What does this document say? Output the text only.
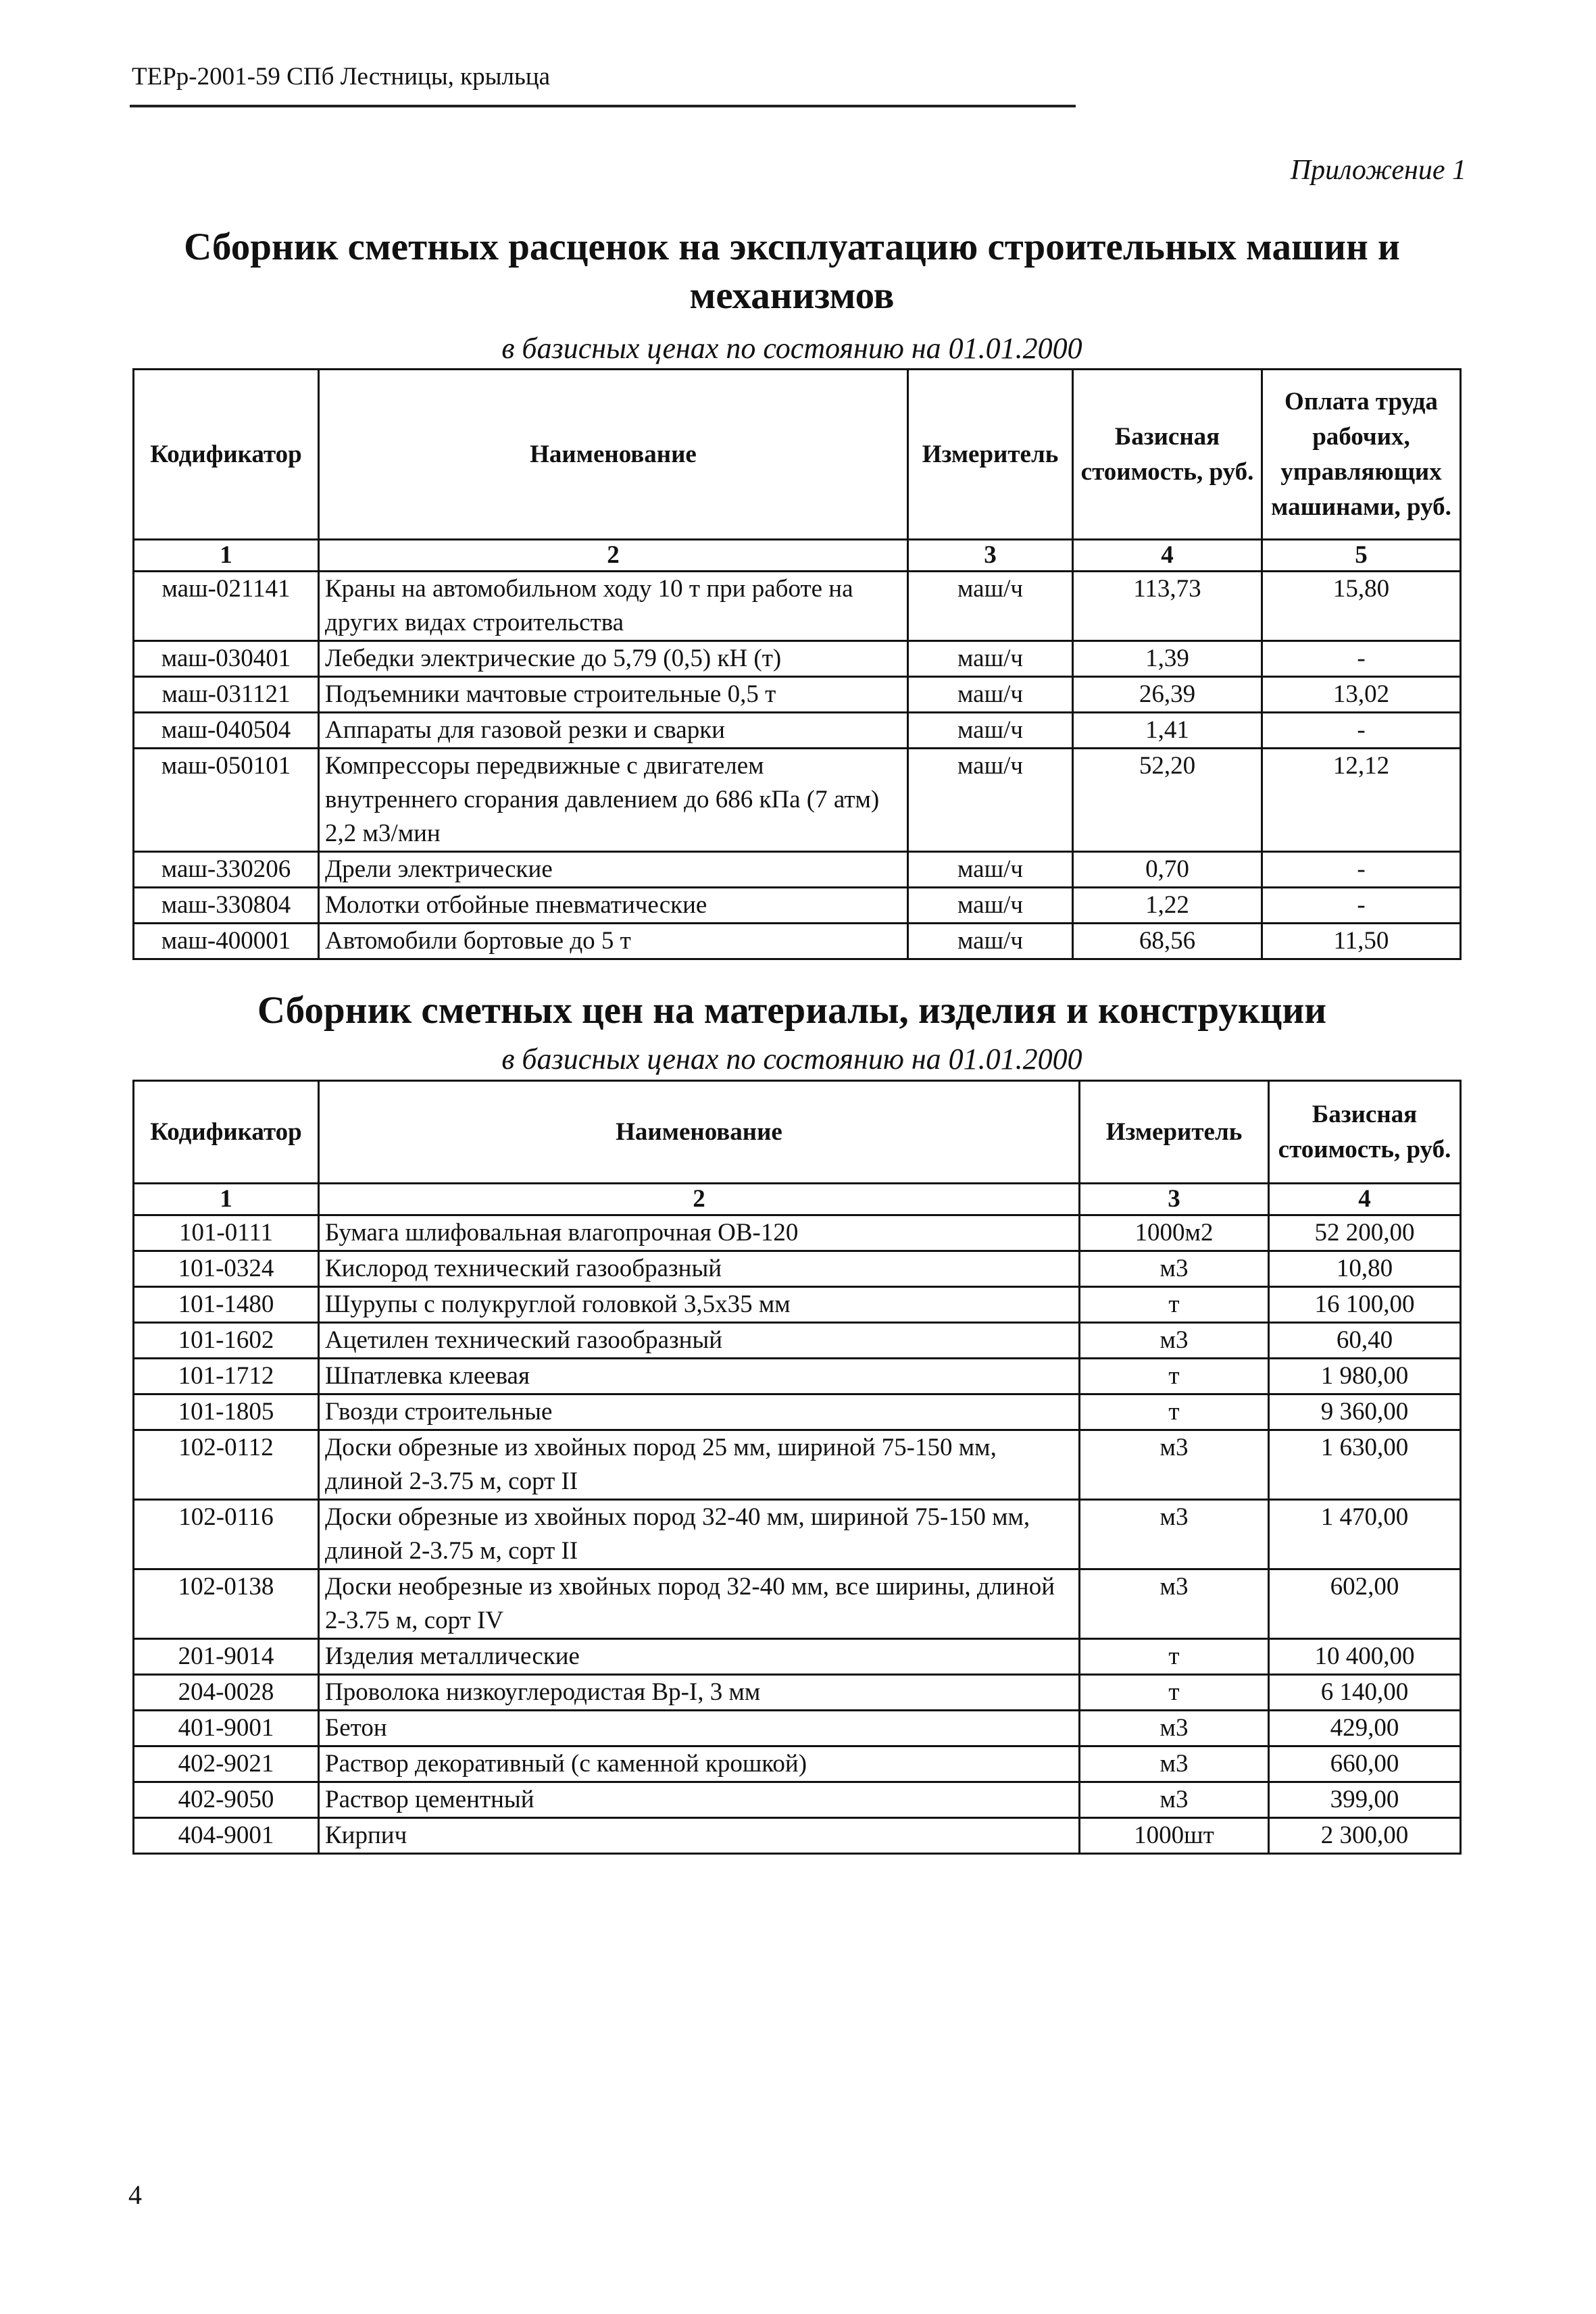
ТЕРр-2001-59 СПб Лестницы, крыльца
Приложение 1
Сборник сметных расценок на эксплуатацию строительных машин и механизмов
в базисных ценах по состоянию на 01.01.2000
Кодификатор	Наименование	Измеритель	Базисная стоимость, руб.	Оплата труда рабочих, управляющих машинами, руб.
1	2	3	4	5
маш-021141	Краны на автомобильном ходу 10 т при работе на других видах строительства	маш/ч	113,73	15,80
маш-030401	Лебедки электрические до 5,79 (0,5) кН (т)	маш/ч	1,39	-
маш-031121	Подъемники мачтовые строительные 0,5 т	маш/ч	26,39	13,02
маш-040504	Аппараты для газовой резки и сварки	маш/ч	1,41	-
маш-050101	Компрессоры передвижные с двигателем внутреннего сгорания давлением до 686 кПа (7 атм) 2,2 м3/мин	маш/ч	52,20	12,12
маш-330206	Дрели электрические	маш/ч	0,70	-
маш-330804	Молотки отбойные пневматические	маш/ч	1,22	-
маш-400001	Автомобили бортовые до 5 т	маш/ч	68,56	11,50
Сборник сметных цен на материалы, изделия и конструкции
в базисных ценах по состоянию на 01.01.2000
Кодификатор	Наименование	Измеритель	Базисная стоимость, руб.
1	2	3	4
101-0111	Бумага шлифовальная влагопрочная ОВ-120	1000м2	52 200,00
101-0324	Кислород технический газообразный	м3	10,80
101-1480	Шурупы с полукруглой головкой 3,5x35 мм	т	16 100,00
101-1602	Ацетилен технический газообразный	м3	60,40
101-1712	Шпатлевка клеевая	т	1 980,00
101-1805	Гвозди строительные	т	9 360,00
102-0112	Доски обрезные из хвойных пород 25 мм, шириной 75-150 мм, длиной 2-3.75 м, сорт II	м3	1 630,00
102-0116	Доски обрезные из хвойных пород 32-40 мм, шириной 75-150 мм, длиной 2-3.75 м, сорт II	м3	1 470,00
102-0138	Доски необрезные из хвойных пород 32-40 мм, все ширины, длиной 2-3.75 м, сорт IV	м3	602,00
201-9014	Изделия металлические	т	10 400,00
204-0028	Проволока низкоуглеродистая Вр-I, 3 мм	т	6 140,00
401-9001	Бетон	м3	429,00
402-9021	Раствор декоративный (с каменной крошкой)	м3	660,00
402-9050	Раствор цементный	м3	399,00
404-9001	Кирпич	1000шт	2 300,00
4
